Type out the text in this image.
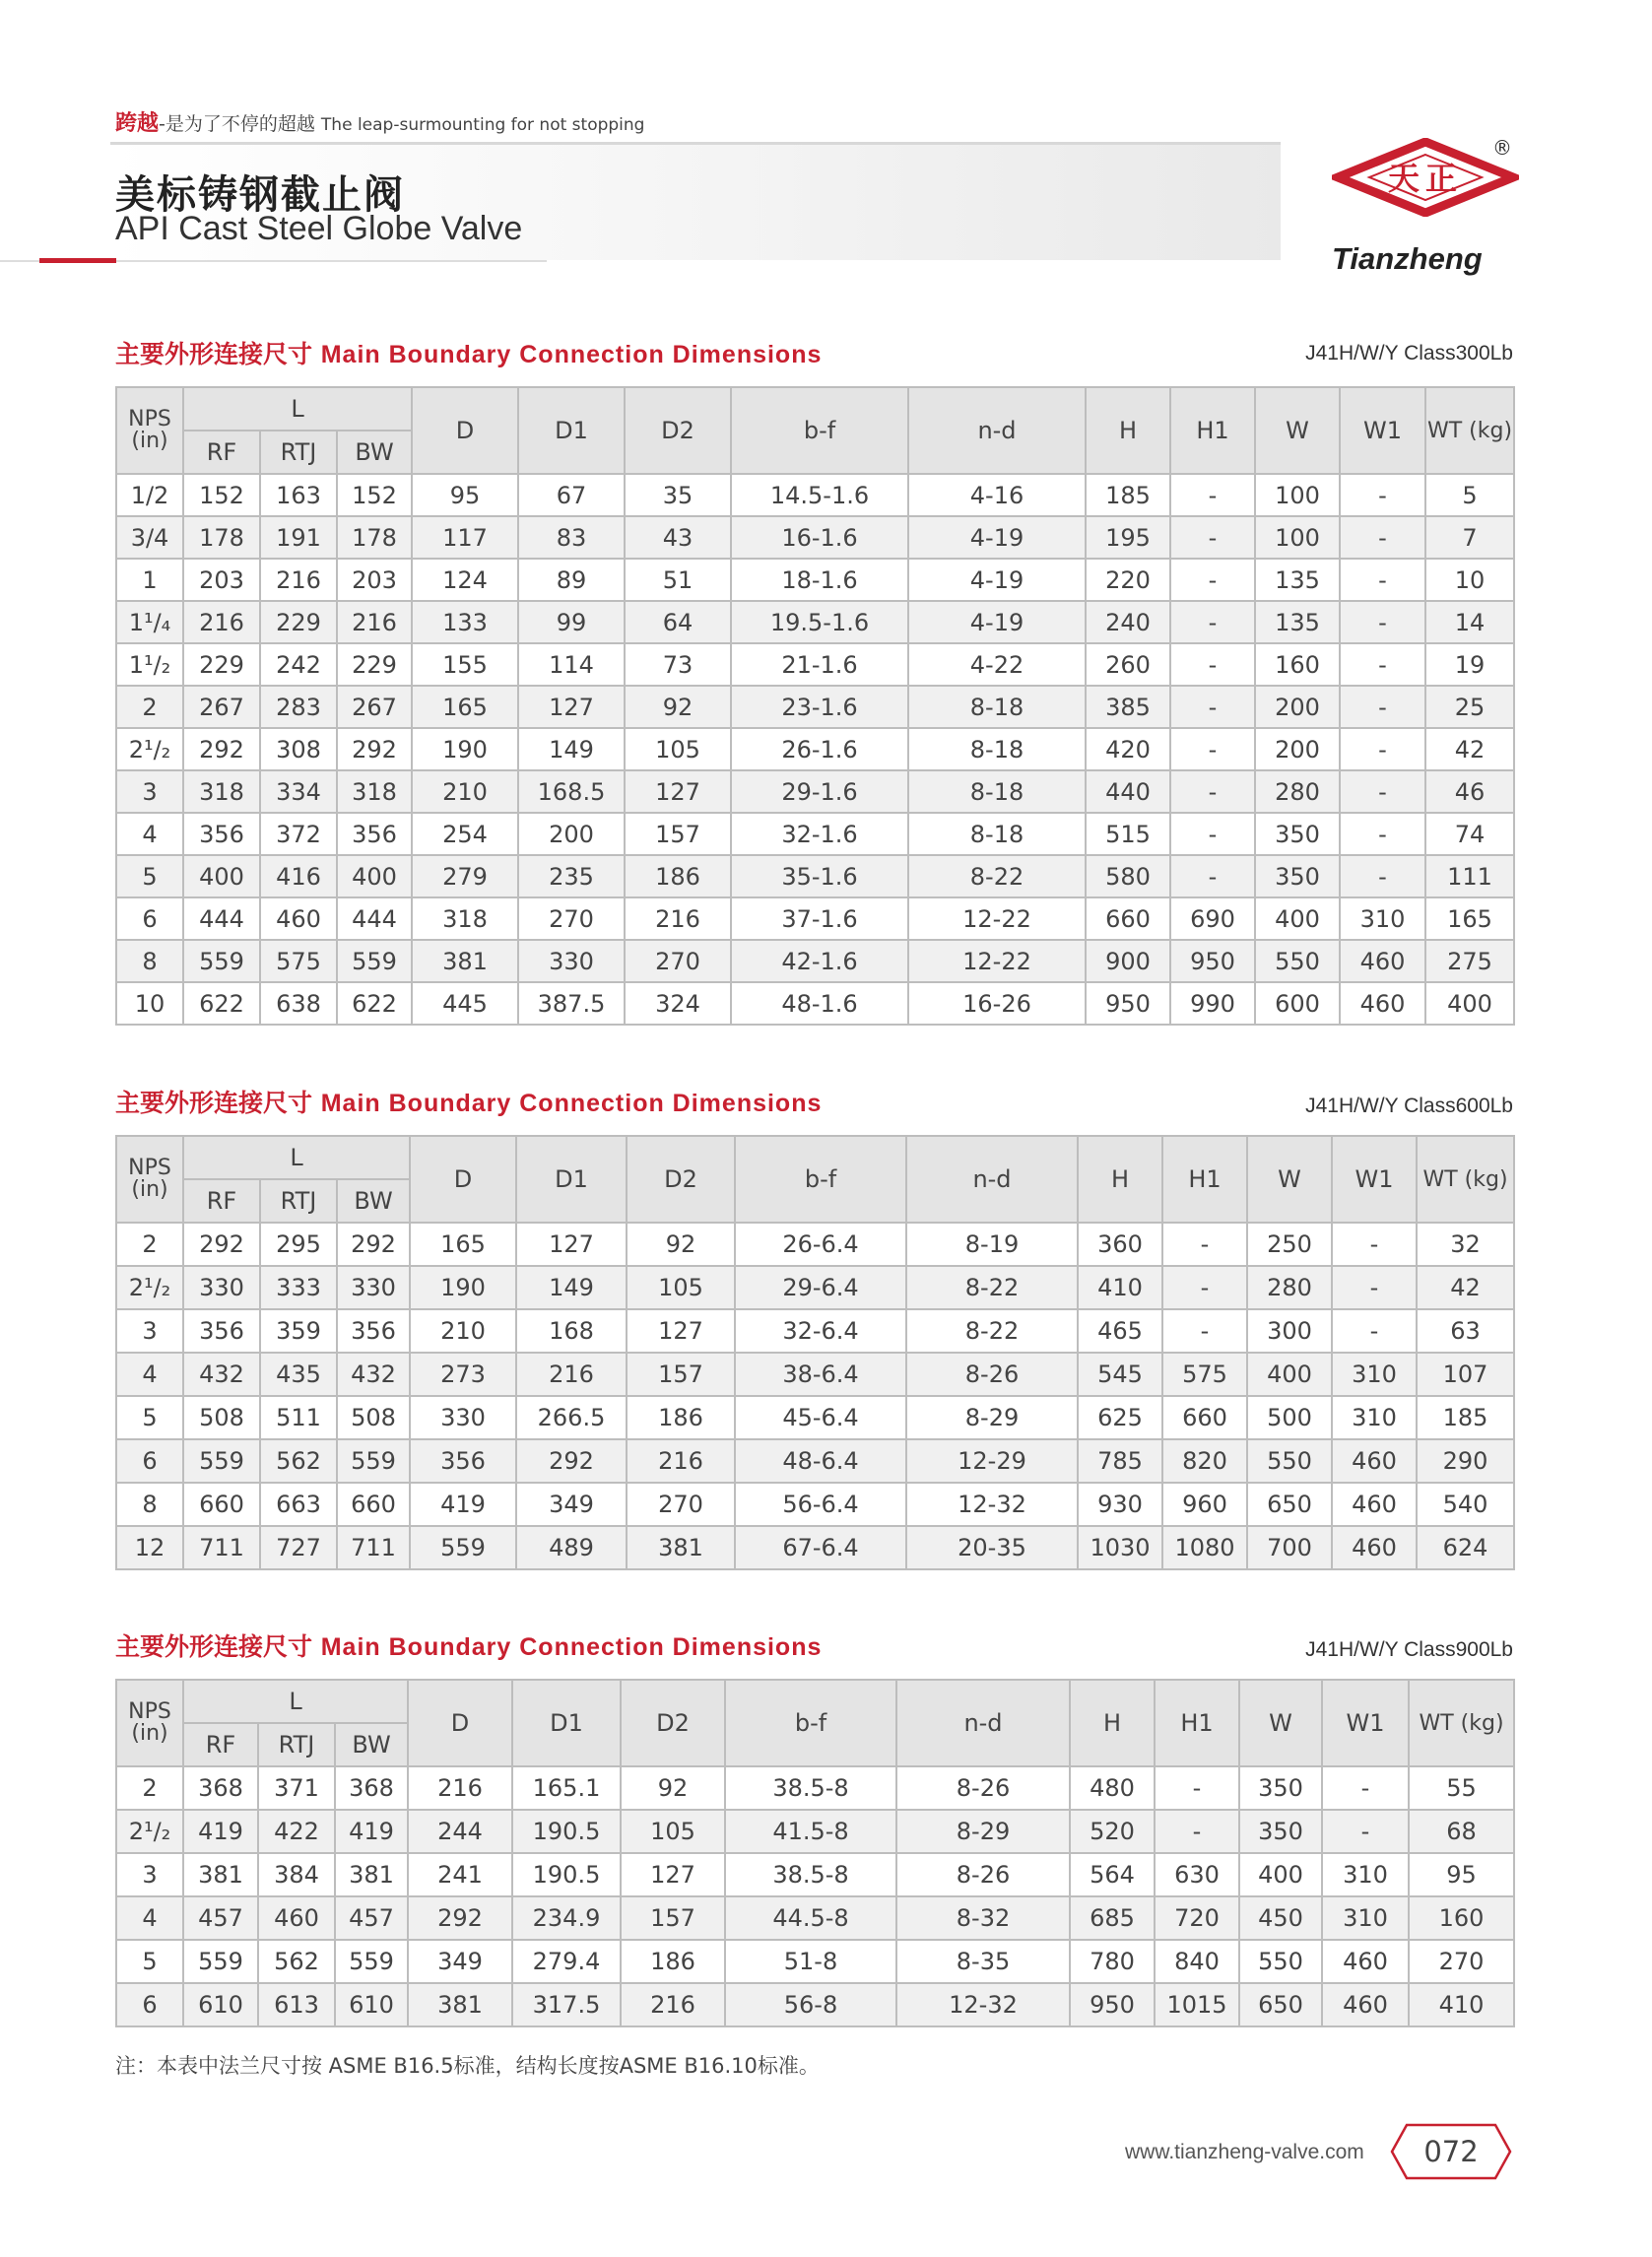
跨越-是为了不停的超越 The leap-surmounting for not stopping
美标铸钢截止阀
API Cast Steel Globe Valve
天正
®
Tianzheng
主要外形连接尺寸 Main Boundary Connection Dimensions	J41H/W/Y Class300Lb
NPS
(in)	L			D	D1	D2	b-f	n-d	H	H1	W	W1	WT (kg)
	RF	RTJ	BW										
1/2	152	163	152	95	67	35	14.5-1.6	4-16	185	-	100	-	5
3/4	178	191	178	117	83	43	16-1.6	4-19	195	-	100	-	7
1	203	216	203	124	89	51	18-1.6	4-19	220	-	135	-	10
1¹/₄	216	229	216	133	99	64	19.5-1.6	4-19	240	-	135	-	14
1¹/₂	229	242	229	155	114	73	21-1.6	4-22	260	-	160	-	19
2	267	283	267	165	127	92	23-1.6	8-18	385	-	200	-	25
2¹/₂	292	308	292	190	149	105	26-1.6	8-18	420	-	200	-	42
3	318	334	318	210	168.5	127	29-1.6	8-18	440	-	280	-	46
4	356	372	356	254	200	157	32-1.6	8-18	515	-	350	-	74
5	400	416	400	279	235	186	35-1.6	8-22	580	-	350	-	111
6	444	460	444	318	270	216	37-1.6	12-22	660	690	400	310	165
8	559	575	559	381	330	270	42-1.6	12-22	900	950	550	460	275
10	622	638	622	445	387.5	324	48-1.6	16-26	950	990	600	460	400
主要外形连接尺寸 Main Boundary Connection Dimensions	J41H/W/Y Class600Lb
NPS
(in)	L			D	D1	D2	b-f	n-d	H	H1	W	W1	WT (kg)
	RF	RTJ	BW										
2	292	295	292	165	127	92	26-6.4	8-19	360	-	250	-	32
2¹/₂	330	333	330	190	149	105	29-6.4	8-22	410	-	280	-	42
3	356	359	356	210	168	127	32-6.4	8-22	465	-	300	-	63
4	432	435	432	273	216	157	38-6.4	8-26	545	575	400	310	107
5	508	511	508	330	266.5	186	45-6.4	8-29	625	660	500	310	185
6	559	562	559	356	292	216	48-6.4	12-29	785	820	550	460	290
8	660	663	660	419	349	270	56-6.4	12-32	930	960	650	460	540
12	711	727	711	559	489	381	67-6.4	20-35	1030	1080	700	460	624
主要外形连接尺寸 Main Boundary Connection Dimensions	J41H/W/Y Class900Lb
NPS
(in)	L			D	D1	D2	b-f	n-d	H	H1	W	W1	WT (kg)
	RF	RTJ	BW										
2	368	371	368	216	165.1	92	38.5-8	8-26	480	-	350	-	55
2¹/₂	419	422	419	244	190.5	105	41.5-8	8-29	520	-	350	-	68
3	381	384	381	241	190.5	127	38.5-8	8-26	564	630	400	310	95
4	457	460	457	292	234.9	157	44.5-8	8-32	685	720	450	310	160
5	559	562	559	349	279.4	186	51-8	8-35	780	840	550	460	270
6	610	613	610	381	317.5	216	56-8	12-32	950	1015	650	460	410
注：本表中法兰尺寸按 ASME B16.5标准，结构长度按ASME B16.10标准。
www.tianzheng-valve.com	072
